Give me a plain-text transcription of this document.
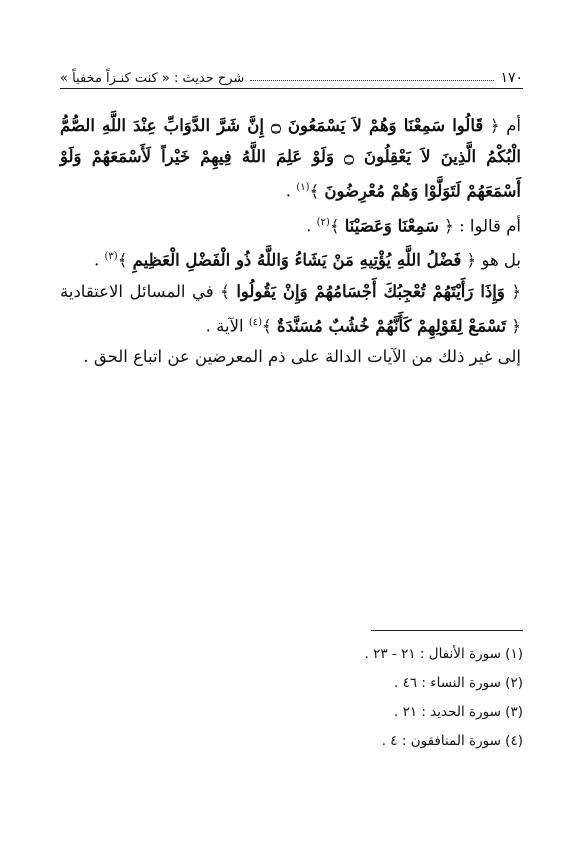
١٧٠
شرح حديث : « كنت كنـزاً مخفياً »

أم ﴿ قَالُوا سَمِعْنَا وَهُمْ لاَ يَسْمَعُونَ ۝ إِنَّ شَرَّ الدَّوَابِّ عِنْدَ اللَّهِ الصُّمُّ الْبُكْمُ الَّذِينَ لاَ يَعْقِلُونَ ۝ وَلَوْ عَلِمَ اللَّهُ فِيهِمْ خَيْراً لَأَسْمَعَهُمْ وَلَوْ أَسْمَعَهُمْ لَتَوَلَّوْا وَهُمْ مُعْرِضُونَ ﴾$^{(١)}$ .

أم قالوا : ﴿ سَمِعْنَا وَعَصَيْنَا ﴾$^{(٢)}$ .

بل هو ﴿ فَضْلُ اللَّهِ يُؤْتِيهِ مَنْ يَشَاءُ وَاللَّهُ ذُو الْفَضْلِ الْعَظِيمِ ﴾$^{(٣)}$ .

﴿ وَإِذَا رَأَيْتَهُمْ تُعْجِبُكَ أَجْسَامُهُمْ وَإِنْ يَقُولُوا ﴾ في المسائل الاعتقادية ﴿ تَسْمَعْ لِقَوْلِهِمْ كَأَنَّهُمْ خُشُبٌ مُسَنَّدَةٌ ﴾$^{(٤)}$ الآية .

إلى غير ذلك من الآيات الدالة على ذم المعرضين عن اتباع الحق .

(١) سورة الأنفال : ٢١ - ٢٣ .
(٢) سورة النساء : ٤٦ .
(٣) سورة الحديد : ٢١ .
(٤) سورة المنافقون : ٤ .
